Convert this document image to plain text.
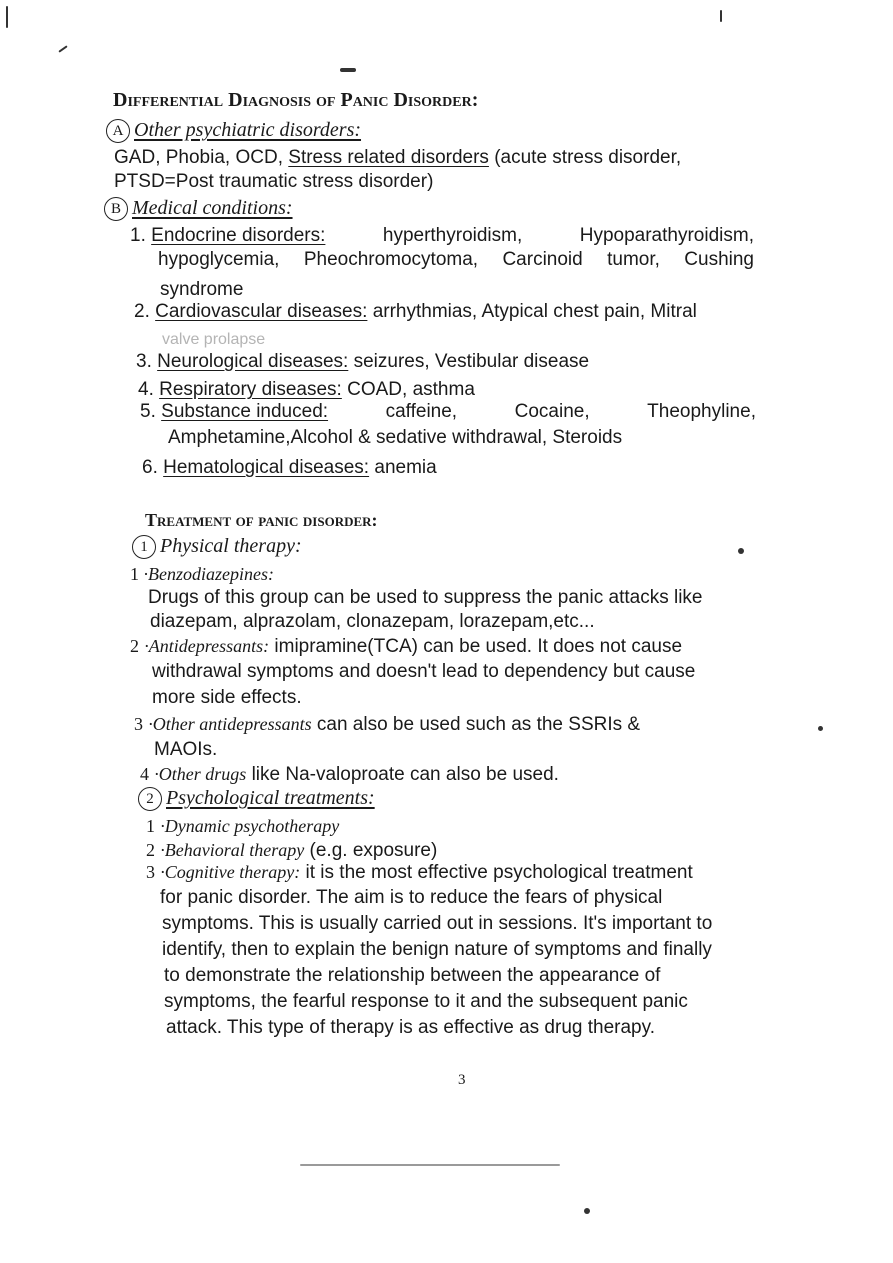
Differential Diagnosis of Panic Disorder:
A Other psychiatric disorders:
GAD, Phobia, OCD, Stress related disorders (acute stress disorder,
PTSD=Post traumatic stress disorder)
B Medical conditions:
1. Endocrine disorders:	hyperthyroidism,	Hypoparathyroidism,
hypoglycemia, Pheochromocytoma, Carcinoid tumor, Cushing
syndrome
2. Cardiovascular diseases: arrhythmias, Atypical chest pain, Mitral
valve prolapse
3. Neurological diseases: seizures, Vestibular disease
4. Respiratory diseases: COAD, asthma
5. Substance induced:	caffeine,	Cocaine,	Theophyline,
Amphetamine,Alcohol & sedative withdrawal, Steroids
6. Hematological diseases: anemia
Treatment of panic disorder:
1 Physical therapy:
1 ·Benzodiazepines:
Drugs of this group can be used to suppress the panic attacks like
diazepam, alprazolam, clonazepam, lorazepam,etc...
2 ·Antidepressants: imipramine(TCA) can be used. It does not cause
withdrawal symptoms and doesn't lead to dependency but cause
more side effects.
3 ·Other antidepressants can also be used such as the SSRIs &
MAOIs.
4 ·Other drugs like Na-valoproate can also be used.
2 Psychological treatments:
1 ·Dynamic psychotherapy
2 ·Behavioral therapy (e.g. exposure)
3 ·Cognitive therapy: it is the most effective psychological treatment
for panic disorder. The aim is to reduce the fears of physical
symptoms. This is usually carried out in sessions. It's important to
identify, then to explain the benign nature of symptoms and finally
to demonstrate the relationship between the appearance of
symptoms, the fearful response to it and the subsequent panic
attack. This type of therapy is as effective as drug therapy.
3
